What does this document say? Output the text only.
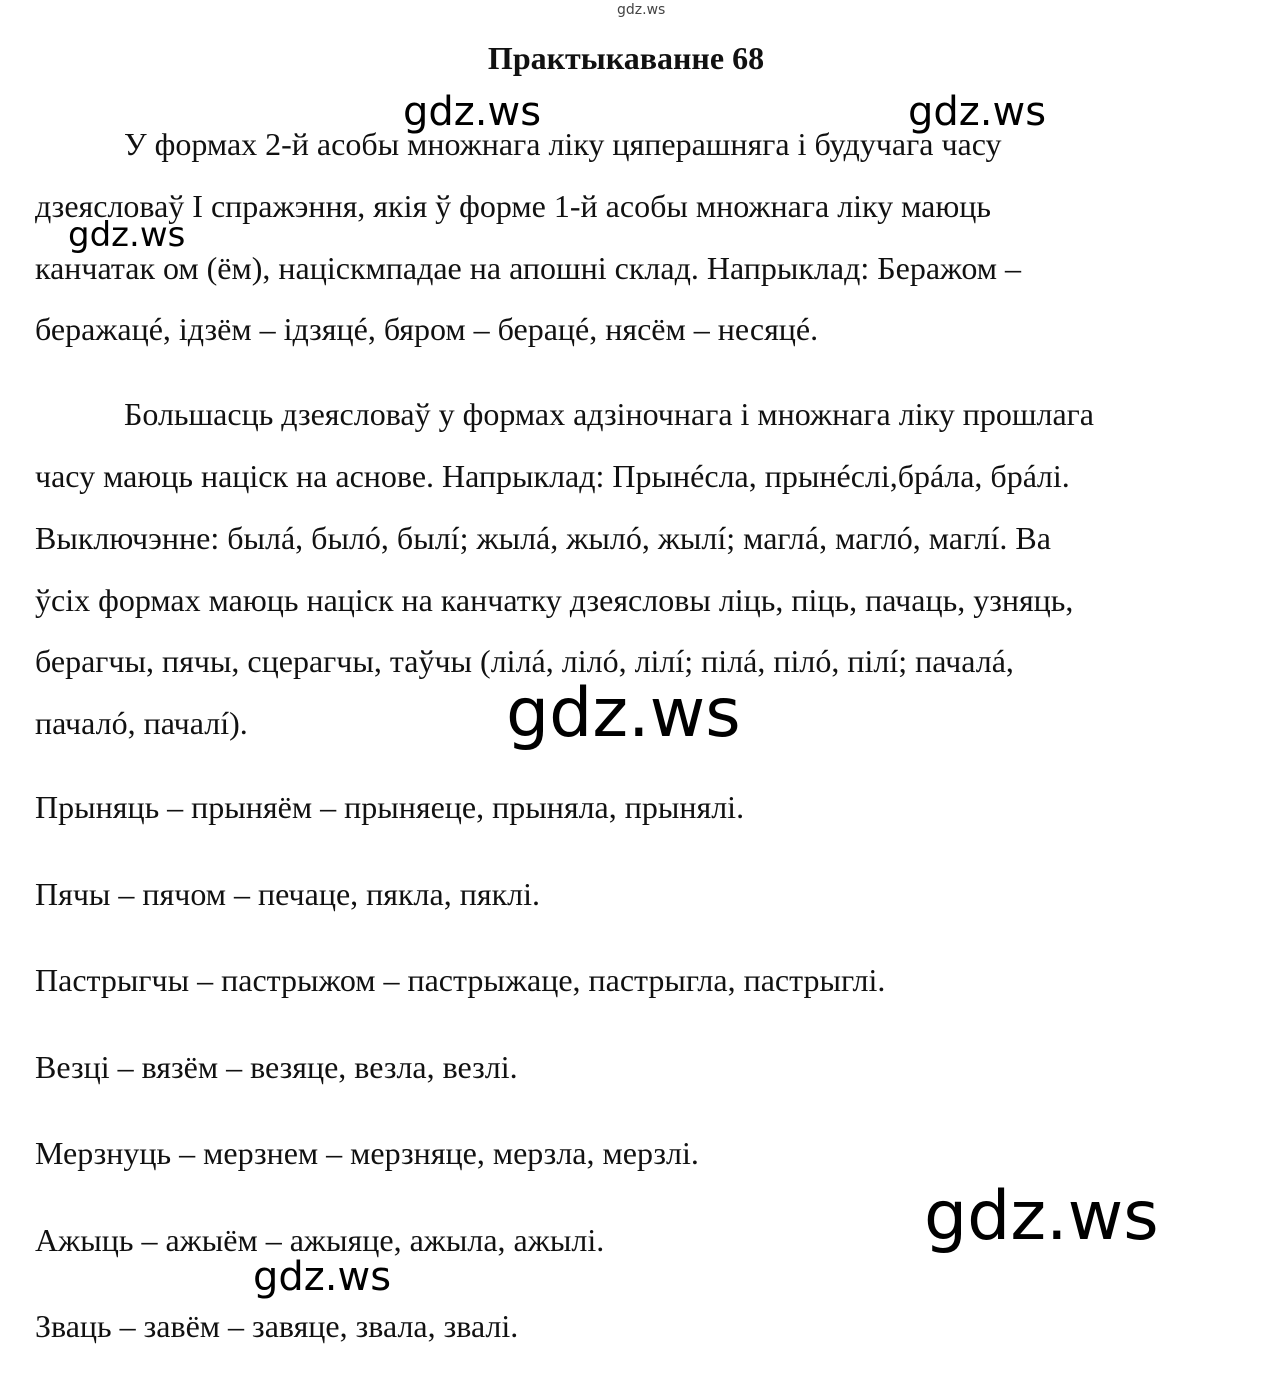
Практыкаванне 68
У формах 2-й асобы множнага ліку цяперашняга і будучага часу
дзеясловаў I спражэння, якія ў форме 1-й асобы множнага ліку маюць
канчатак ом (ём), націскмпадае на апошні склад. Напрыклад: Беражом –
беражацé, ідзём – ідзяцé, бяром – берацé, нясём – несяцé.
Большасць дзеясловаў у формах адзіночнага і множнага ліку прошлага
часу маюць націск на аснове. Напрыклад: Прынécла, прынéслі,брáла, брáлі.
Выключэнне: былá, былó, былí; жылá, жылó, жылí; маглá, маглó, маглí. Ва
ўсіх формах маюць націск на канчатку дзеясловы ліць, піць, пачаць, узняць,
берагчы, пячы, сцерагчы, таўчы (лілá, лілó, лілí; пілá, пілó, пілí; пачалá,
пачалó, пачалí).
Прыняць – прыняём – прыняеце, прыняла, прынялі.
Пячы – пячом – печаце, пякла, пяклі.
Пастрыгчы – пастрыжом – пастрыжаце, пастрыгла, пастрыглі.
Везці – вязём – везяце, везла, везлі.
Мерзнуць – мерзнем – мерзняце, мерзла, мерзлі.
Ажыць – ажыём – ажыяце, ажыла, ажылі.
Зваць – завём – завяце, звала, звалі.
gdz.ws
gdz.ws	gdz.ws
gdz.ws
gdz.ws
gdz.ws
gdz.ws
